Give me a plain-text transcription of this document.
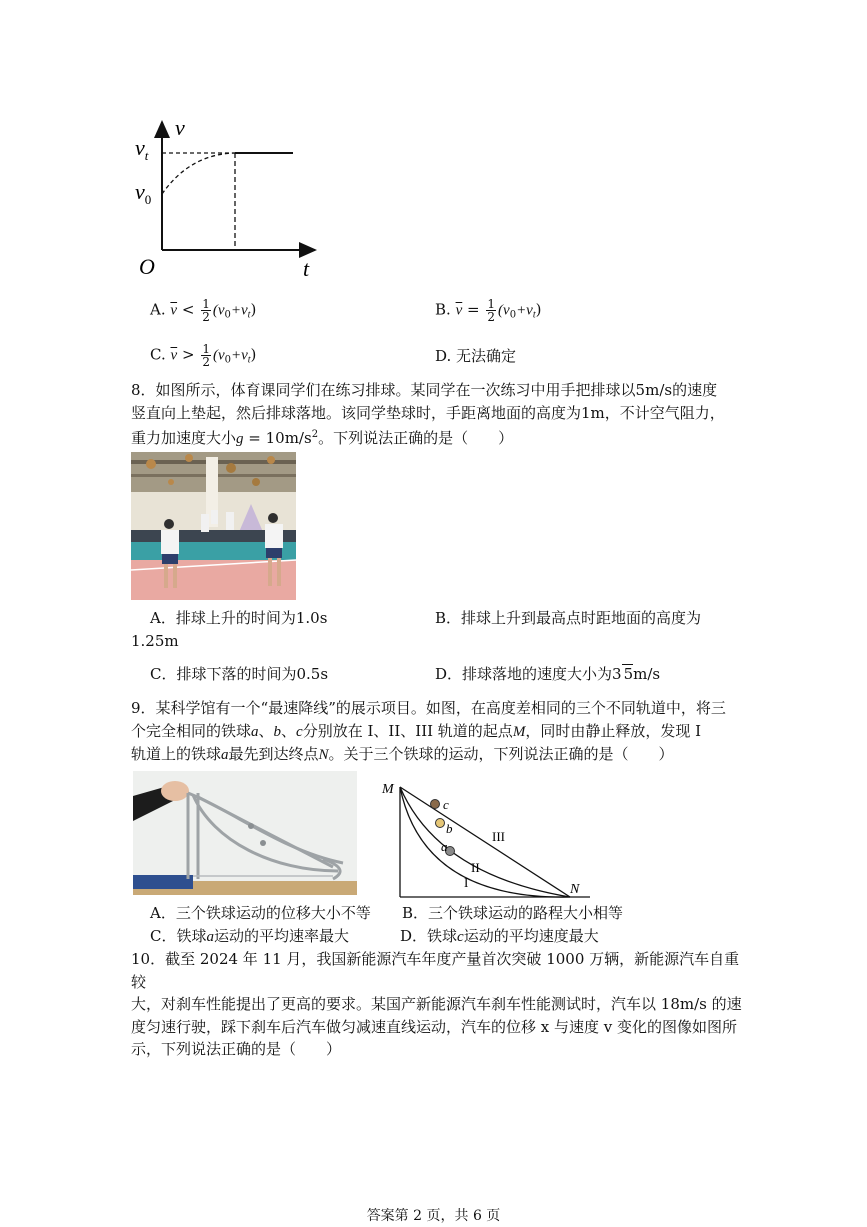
v
$v_t$
$v_0$
O	t
A. $\overline{v} < \frac{1}{2} (v_0+v_t)$	B. $\overline{v} = \frac{1}{2} (v_0+v_t)$
C. $\overline{v} > \frac{1}{2} (v_0+v_t)$	D. 无法确定
8．如图所示，体育课同学们在练习排球。某同学在一次练习中用手把排球以5m/s的速度
竖直向上垫起，然后排球落地。该同学垫球时，手距离地面的高度为1m，不计空气阻力，
重力加速度大小$g = 10m/s^2$。下列说法正确的是（　　）
A．排球上升的时间为1.0s	B．排球上升到最高点时距地面的高度为
1.25m
C．排球下落的时间为0.5s	D．排球落地的速度大小为3 5m/s
9．某科学馆有一个“最速降线”的展示项目。如图，在高度差相同的三个不同轨道中，将三
个完全相同的铁球a、b、c分别放在 I、II、III 轨道的起点M，同时由静止释放，发现 I
轨道上的铁球a最先到达终点N。关于三个铁球的运动，下列说法正确的是（　　）
M
N
c
b
a
III
II
I
A．三个铁球运动的位移大小不等 B．三个铁球运动的路程大小相等
C．铁球a运动的平均速率最大	D．铁球c运动的平均速度最大
10．截至 2024 年 11 月，我国新能源汽车年度产量首次突破 1000 万辆，新能源汽车自重较
大，对刹车性能提出了更高的要求。某国产新能源汽车刹车性能测试时，汽车以 18m/s 的速
度匀速行驶，踩下刹车后汽车做匀减速直线运动，汽车的位移 x 与速度 v 变化的图像如图所
示，下列说法正确的是（　　）
答案第 2 页，共 6 页
